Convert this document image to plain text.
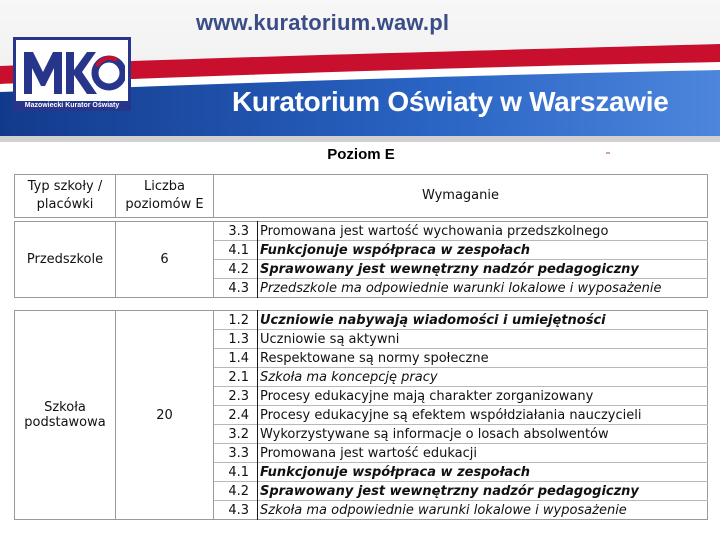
www.kuratorium.waw.pl
Mazowiecki Kurator Oświaty	Kuratorium Oświaty w Warszawie
Poziom E
Typ szkoły / placówki	Liczba poziomów E	Wymaganie
Przedszkole	6	3.3	Promowana jest wartość wychowania przedszkolnego
		4.1	Funkcjonuje współpraca w zespołach
		4.2	Sprawowany jest wewnętrzny nadzór pedagogiczny
		4.3	Przedszkole ma odpowiednie warunki lokalowe i wyposażenie
Szkoła podstawowa	20	1.2	Uczniowie nabywają wiadomości i umiejętności
		1.3	Uczniowie są aktywni
		1.4	Respektowane są normy społeczne
		2.1	Szkoła ma koncepcję pracy
		2.3	Procesy edukacyjne mają charakter zorganizowany
		2.4	Procesy edukacyjne są efektem współdziałania nauczycieli
		3.2	Wykorzystywane są informacje o losach absolwentów
		3.3	Promowana jest wartość edukacji
		4.1	Funkcjonuje współpraca w zespołach
		4.2	Sprawowany jest wewnętrzny nadzór pedagogiczny
		4.3	Szkoła ma odpowiednie warunki lokalowe i wyposażenie
